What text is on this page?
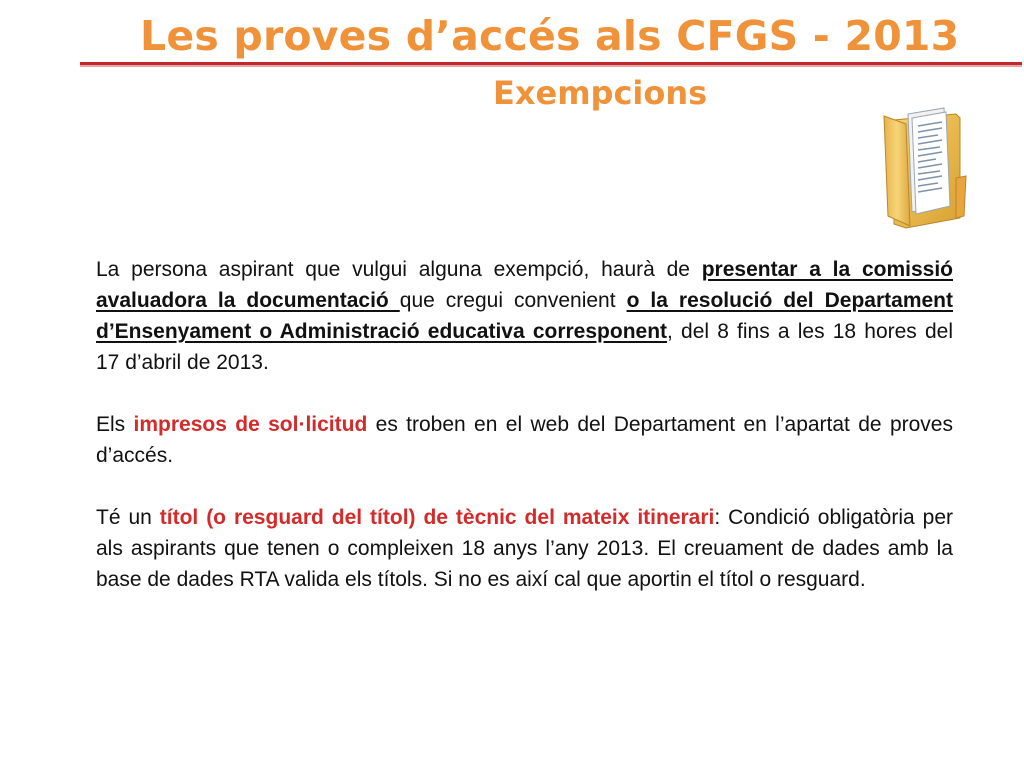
Les proves d’accés als CFGS - 2013
Exempcions

La persona aspirant que vulgui alguna exempció, haurà de presentar a la comissió avaluadora la documentació que cregui convenient o la resolució del Departament d’Ensenyament o Administració educativa corresponent, del 8 fins a les 18 hores del 17 d’abril de 2013.

Els impresos de sol·licitud es troben en el web del Departament en l’apartat de proves d’accés.

Té un títol (o resguard del títol) de tècnic del mateix itinerari: Condició obligatòria per als aspirants que tenen o compleixen 18 anys l’any 2013. El creuament de dades amb la base de dades RTA valida els títols. Si no es així cal que aportin el títol o resguard.
